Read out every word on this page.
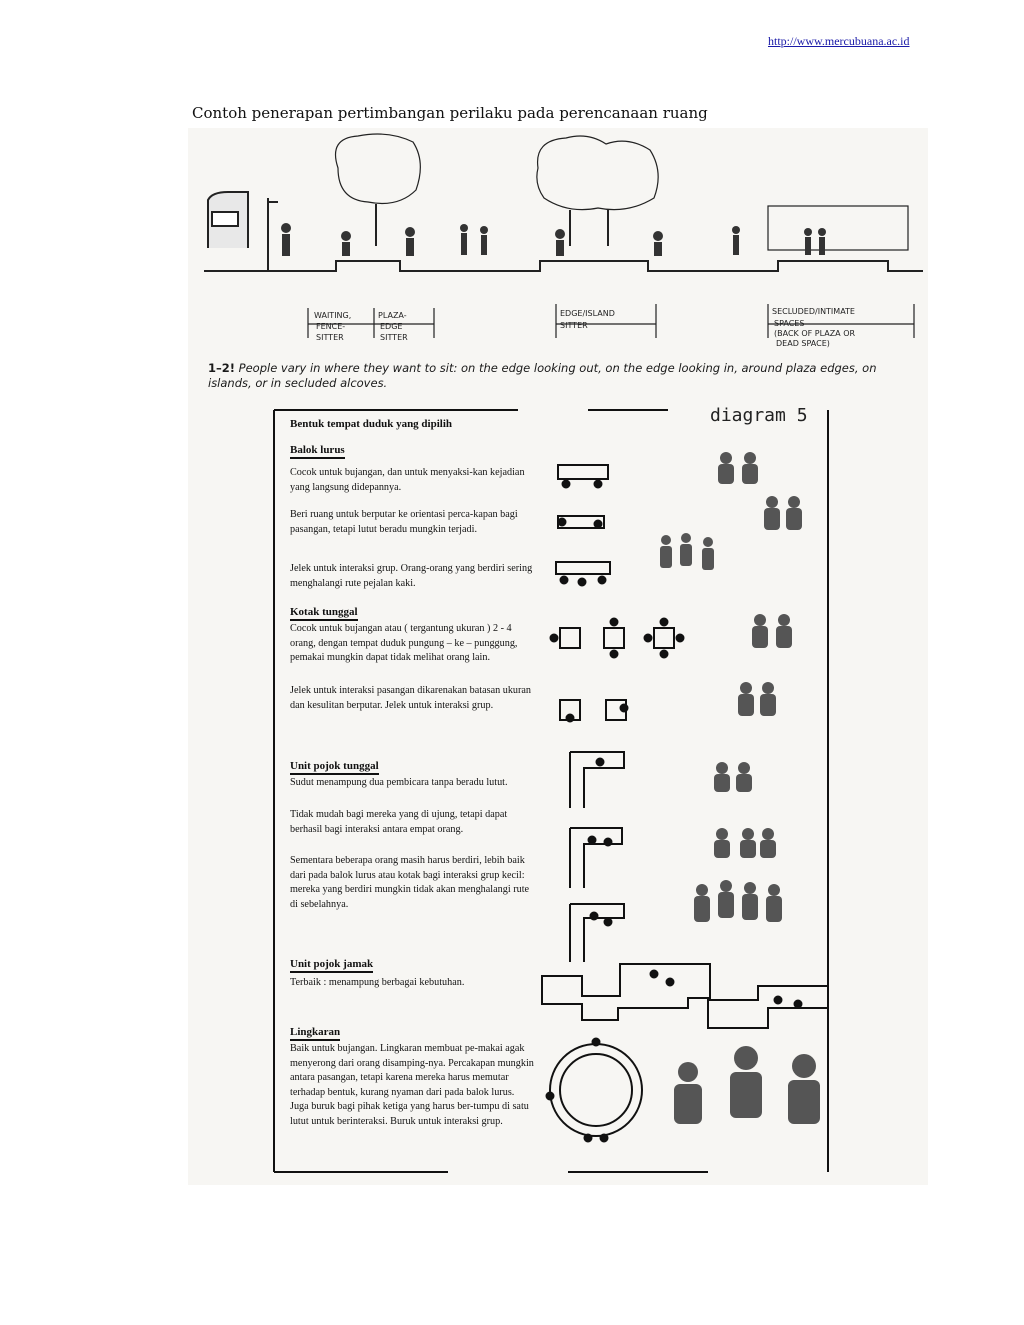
http://www.mercubuana.ac.id
Contoh penerapan pertimbangan perilaku pada perencanaan ruang
WAITING,
FENCE-
SITTER
PLAZA-
EDGE
SITTER
EDGE/ISLAND
SITTER
SECLUDED/INTIMATE
SPACES
(BACK OF PLAZA OR
DEAD SPACE)
1–2! People vary in where they want to sit: on the edge looking out, on the edge looking in, around plaza edges, on islands, or in secluded alcoves.
diagram 5
Bentuk tempat duduk yang dipilih
Balok lurus
Cocok untuk bujangan, dan untuk menyaksi-kan kejadian yang langsung didepannya.
Beri ruang untuk berputar ke orientasi perca-kapan bagi pasangan, tetapi lutut beradu mungkin terjadi.
Jelek untuk interaksi grup. Orang-orang yang berdiri sering menghalangi rute pejalan kaki.
Kotak tunggal
Cocok untuk bujangan atau ( tergantung ukuran ) 2 - 4 orang, dengan tempat duduk pungung – ke – punggung, pemakai mungkin dapat tidak melihat orang lain.
Jelek untuk interaksi pasangan dikarenakan batasan ukuran dan kesulitan berputar. Jelek untuk interaksi grup.
Unit pojok tunggal
Sudut menampung dua pembicara tanpa beradu lutut.
Tidak mudah bagi mereka yang di ujung, tetapi dapat berhasil bagi interaksi antara empat orang.
Sementara beberapa orang masih harus berdiri, lebih baik dari pada balok lurus atau kotak bagi interaksi grup kecil: mereka yang berdiri mungkin tidak akan menghalangi rute di sebelahnya.
Unit pojok jamak
Terbaik : menampung berbagai kebutuhan.
Lingkaran
Baik untuk bujangan. Lingkaran membuat pe-makai agak menyerong dari orang disamping-nya. Percakapan mungkin antara pasangan, tetapi karena mereka harus memutar terhadap bentuk, kurang nyaman dari pada balok lurus. Juga buruk bagi pihak ketiga yang harus ber-tumpu di satu lutut untuk berinteraksi. Buruk untuk interaksi grup.
